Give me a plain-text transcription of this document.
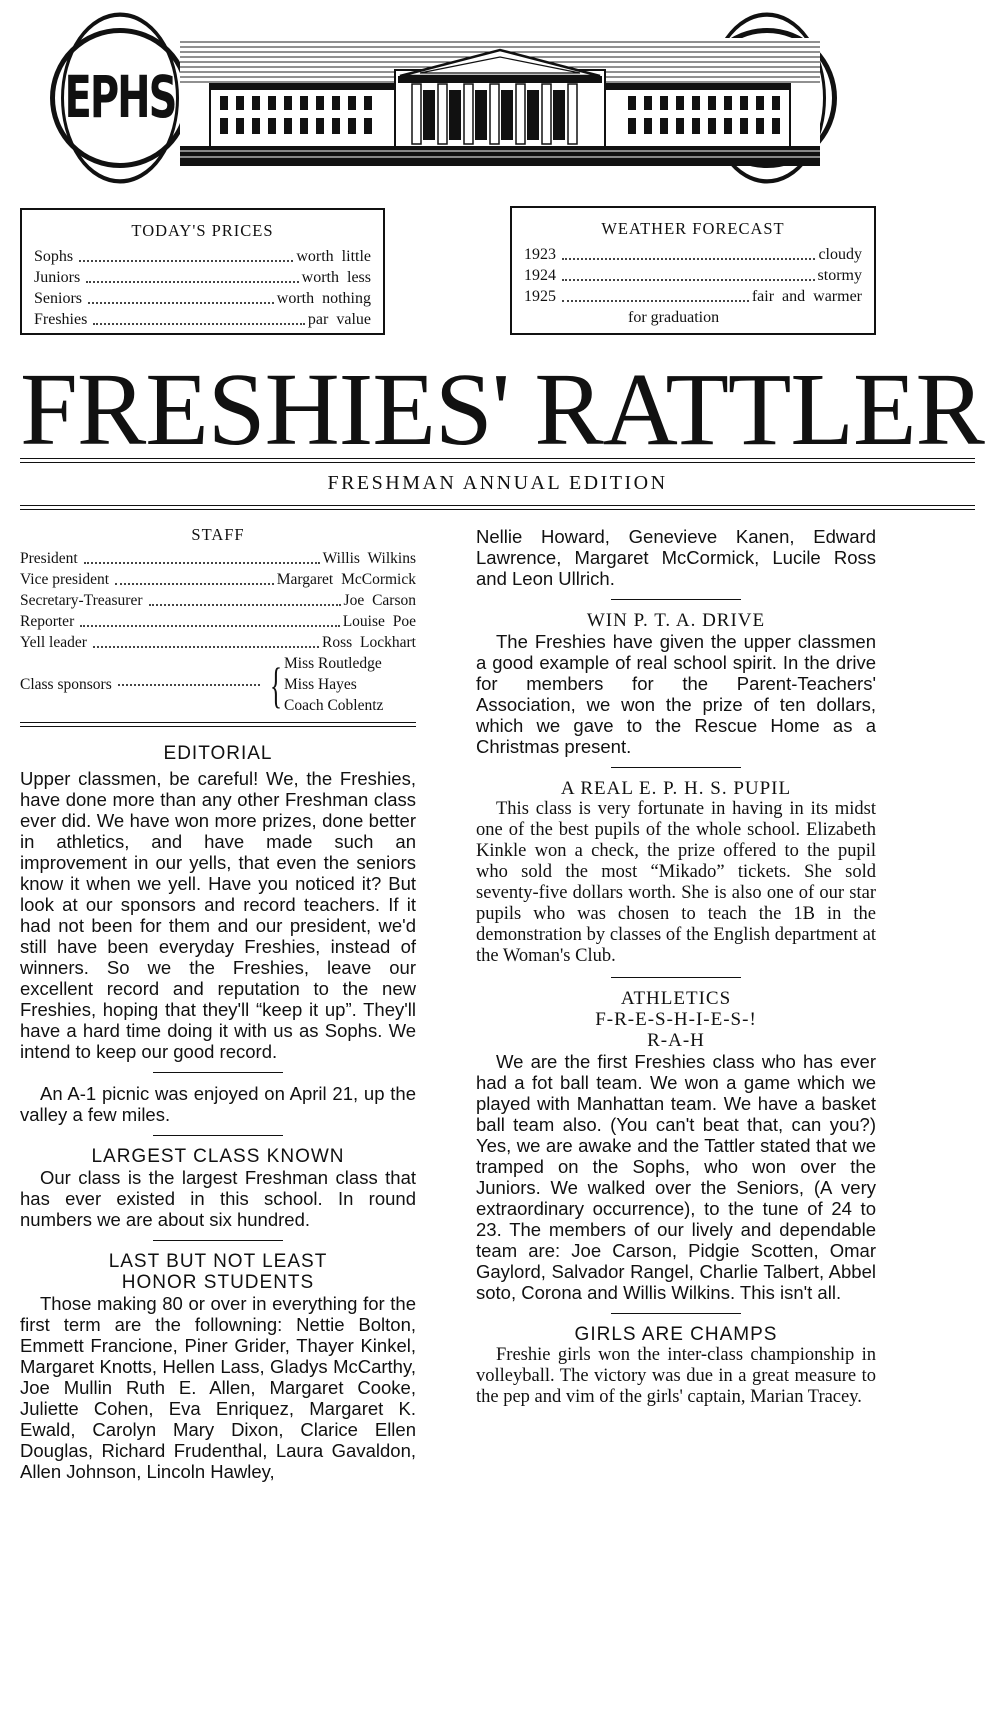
EPHS
TODAY'S PRICES
Sophs	worth little
Juniors	worth less
Seniors	worth nothing
Freshies	par value
WEATHER FORECAST
1923	cloudy
1924	stormy
1925	fair and warmer
for graduation
FRESHIES' RATTLER
FRESHMAN ANNUAL EDITION
STAFF
President	Willis Wilkins
Vice president	Margaret McCormick
Secretary-Treasurer	Joe Carson
Reporter	Louise Poe
Yell leader	Ross Lockhart
Class sponsors	{ Miss Routledge
Miss Hayes
Coach Coblentz
EDITORIAL

Upper classmen, be careful! We, the Freshies, have done more than any other Freshman class ever did. We have won more prizes, done better in athletics, and have made such an improvement in our yells, that even the seniors know it when we yell. Have you noticed it? But look at our sponsors and record teachers. If it had not been for them and our president, we'd still have been everyday Freshies, instead of winners. So we the Freshies, leave our excellent record and reputation to the new Freshies, hoping that they'll “keep it up”. They'll have a hard time doing it with us as Sophs. We intend to keep our good record.

An A-1 picnic was enjoyed on April 21, up the valley a few miles.

LARGEST CLASS KNOWN

Our class is the largest Freshman class that has ever existed in this school. In round numbers we are about six hundred.

LAST BUT NOT LEAST
HONOR STUDENTS

Those making 80 or over in everything for the first term are the followning: Nettie Bolton, Emmett Francione, Piner Grider, Thayer Kinkel, Margaret Knotts, Hellen Lass, Gladys McCarthy, Joe Mullin Ruth E. Allen, Margaret Cooke, Juliette Cohen, Eva Enriquez, Margaret K. Ewald, Carolyn Mary Dixon, Clarice Ellen Douglas, Richard Frudenthal, Laura Gavaldon, Allen Johnson, Lincoln Hawley,

Nellie Howard, Genevieve Kanen, Edward Lawrence, Margaret McCormick, Lucile Ross and Leon Ullrich.

WIN P. T. A. DRIVE

The Freshies have given the upper classmen a good example of real school spirit. In the drive for members for the Parent-Teachers' Association, we won the prize of ten dollars, which we gave to the Rescue Home as a Christmas present.

A REAL E. P. H. S. PUPIL

This class is very fortunate in having in its midst one of the best pupils of the whole school. Elizabeth Kinkle won a check, the prize offered to the pupil who sold the most “Mikado” tickets. She sold seventy-five dollars worth. She is also one of our star pupils who was chosen to teach the 1B in the demonstration by classes of the English department at the Woman's Club.

ATHLETICS
F-R-E-S-H-I-E-S-!
R-A-H

We are the first Freshies class who has ever had a fot ball team. We won a game which we played with Manhattan team. We have a basket ball team also. (You can't beat that, can you?) Yes, we are awake and the Tattler stated that we tramped on the Sophs, who won over the Juniors. We walked over the Seniors, (A very extraordinary occurrence), to the tune of 24 to 23. The members of our lively and dependable team are: Joe Carson, Pidgie Scotten, Omar Gaylord, Salvador Rangel, Charlie Talbert, Abbel soto, Corona and Willis Wilkins. This isn't all.

GIRLS ARE CHAMPS

Freshie girls won the inter-class championship in volleyball. The victory was due in a great measure to the pep and vim of the girls' captain, Marian Tracey.
